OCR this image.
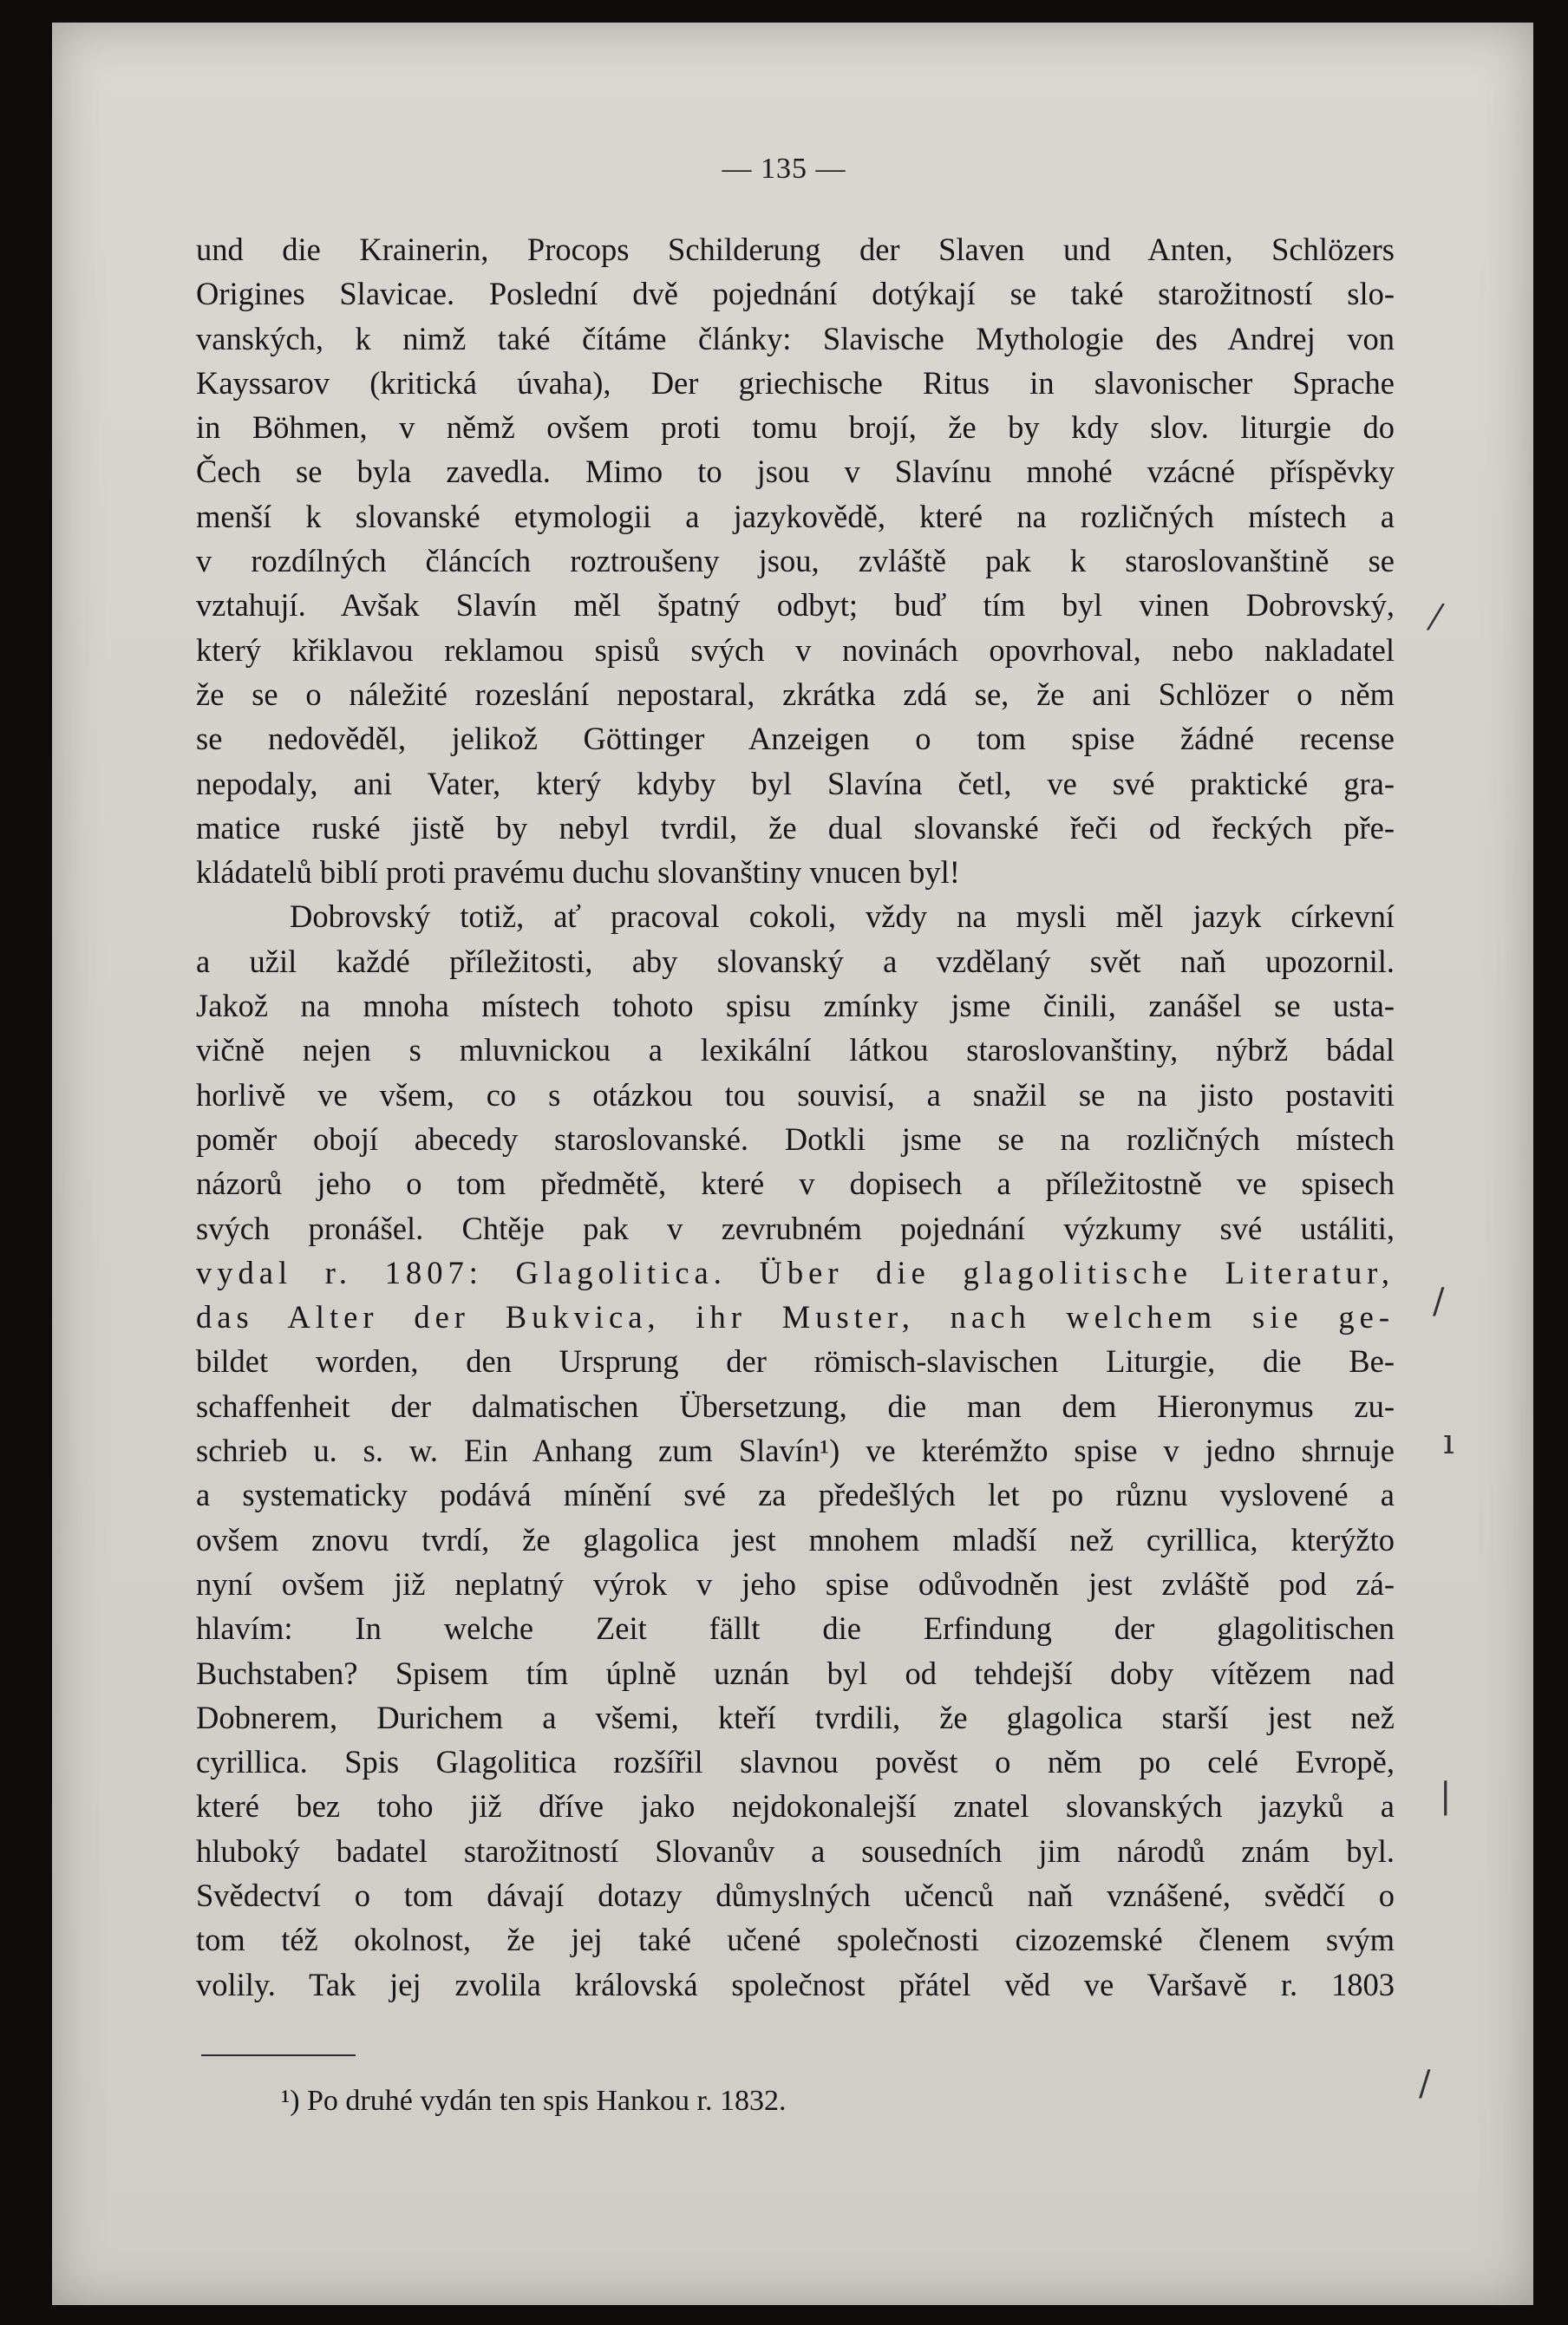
— 135 —
und die Krainerin, Procops Schilderung der Slaven und Anten, Schlözers
Origines Slavicae. Poslední dvě pojednání dotýkají se také starožitností slo-
vanských, k nimž také čítáme články: Slavische Mythologie des Andrej von
Kayssarov (kritická úvaha), Der griechische Ritus in slavonischer Sprache
in Böhmen, v němž ovšem proti tomu brojí, že by kdy slov. liturgie do
Čech se byla zavedla. Mimo to jsou v Slavínu mnohé vzácné příspěvky
menší k slovanské etymologii a jazykovědě, které na rozličných místech a
v rozdílných článcích roztroušeny jsou, zvláště pak k staroslovanštině se
vztahují. Avšak Slavín měl špatný odbyt; buď tím byl vinen Dobrovský,
který křiklavou reklamou spisů svých v novinách opovrhoval, nebo nakladatel
že se o náležité rozeslání nepostaral, zkrátka zdá se, že ani Schlözer o něm
se nedověděl, jelikož Göttinger Anzeigen o tom spise žádné recense
nepodaly, ani Vater, který kdyby byl Slavína četl, ve své praktické gra-
matice ruské jistě by nebyl tvrdil, že dual slovanské řeči od řeckých pře-
kládatelů biblí proti pravému duchu slovanštiny vnucen byl!
Dobrovský totiž, ať pracoval cokoli, vždy na mysli měl jazyk církevní
a užil každé příležitosti, aby slovanský a vzdělaný svět naň upozornil.
Jakož na mnoha místech tohoto spisu zmínky jsme činili, zanášel se usta-
vičně nejen s mluvnickou a lexikální látkou staroslovanštiny, nýbrž bádal
horlivě ve všem, co s otázkou tou souvisí, a snažil se na jisto postaviti
poměr obojí abecedy staroslovanské. Dotkli jsme se na rozličných místech
názorů jeho o tom předmětě, které v dopisech a příležitostně ve spisech
svých pronášel. Chtěje pak v zevrubném pojednání výzkumy své ustáliti,
vydal r. 1807: Glagolitica. Über die glagolitische Literatur,
das Alter der Bukvica, ihr Muster, nach welchem sie ge-
bildet worden, den Ursprung der römisch-slavischen Liturgie, die Be-
schaffenheit der dalmatischen Übersetzung, die man dem Hieronymus zu-
schrieb u. s. w. Ein Anhang zum Slavín¹) ve kterémžto spise v jedno shrnuje
a systematicky podává mínění své za předešlých let po různu vyslovené a
ovšem znovu tvrdí, že glagolica jest mnohem mladší než cyrillica, kterýžto
nyní ovšem již neplatný výrok v jeho spise odůvodněn jest zvláště pod zá-
hlavím: In welche Zeit fällt die Erfindung der glagolitischen
Buchstaben? Spisem tím úplně uznán byl od tehdejší doby vítězem nad
Dobnerem, Durichem a všemi, kteří tvrdili, že glagolica starší jest než
cyrillica. Spis Glagolitica rozšířil slavnou pověst o něm po celé Evropě,
které bez toho již dříve jako nejdokonalejší znatel slovanských jazyků a
hluboký badatel starožitností Slovanův a sousedních jim národů znám byl.
Svědectví o tom dávají dotazy důmyslných učenců naň vznášené, svědčí o
tom též okolnost, že jej také učené společnosti cizozemské členem svým
volily. Tak jej zvolila královská společnost přátel věd ve Varšavě r. 1803
¹) Po druhé vydán ten spis Hankou r. 1832.
⁄
/
ı
|
/
